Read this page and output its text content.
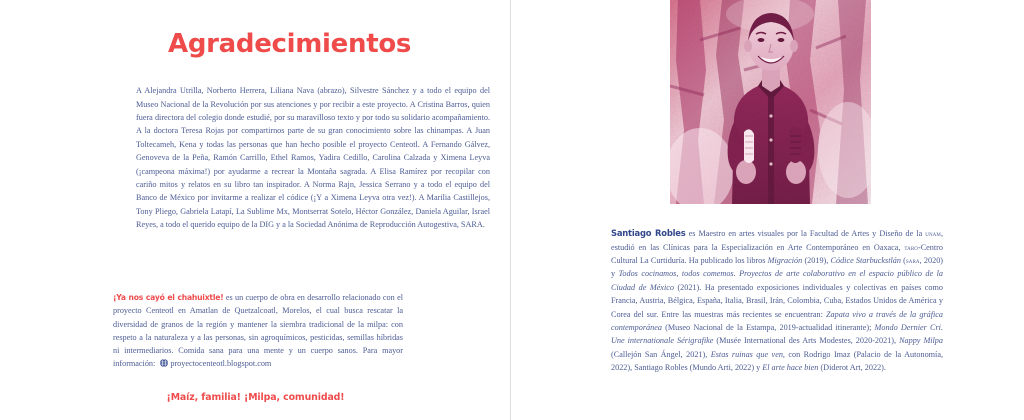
Agradecimientos

A Alejandra Utrilla, Norberto Herrera, Liliana Nava (abrazo), Silvestre Sánchez y a todo el equipo del Museo Nacional de la Revolución por sus atenciones y por recibir a este proyecto. A Cristina Barros, quien fuera directora del colegio donde estudié, por su maravilloso texto y por todo su solidario acompañamiento. A la doctora Teresa Rojas por compartirnos parte de su gran conocimiento sobre las chinampas. A Juan Toltecameh, Kena y todas las personas que han hecho posible el proyecto Centeotl. A Fernando Gálvez, Genoveva de la Peña, Ramón Carrillo, Ethel Ramos, Yadira Cedillo, Carolina Calzada y Ximena Leyva (¡campeona máxima!) por ayudarme a recrear la Montaña sagrada. A Elisa Ramírez por recopilar con cariño mitos y relatos en su libro tan inspirador. A Norma Rajn, Jessica Serrano y a todo el equipo del Banco de México por invitarme a realizar el códice (¡Y a Ximena Leyva otra vez!). A Marilia Castillejos, Tony Pliego, Gabriela Latapí, La Sublime Mx, Montserrat Sotelo, Héctor González, Daniela Aguilar, Israel Reyes, a todo el querido equipo de la DIG y a la Sociedad Anónima de Reproducción Autogestiva, SARA.

¡Ya nos cayó el chahuixtle! es un cuerpo de obra en desarrollo relacionado con el proyecto Centeotl en Amatlan de Quetzalcoatl, Morelos, el cual busca rescatar la diversidad de granos de la región y mantener la siembra tradicional de la milpa: con respeto a la naturaleza y a las personas, sin agroquímicos, pesticidas, semillas híbridas ni intermediarios. Comida sana para una mente y un cuerpo sanos. Para mayor información: proyectocenteotl.blogspot.com

¡Maíz, familia! ¡Milpa, comunidad!

Santiago Robles es Maestro en artes visuales por la Facultad de Artes y Diseño de la unam, estudió en las Clínicas para la Especialización en Arte Contemporáneo en Oaxaca, taro-Centro Cultural La Curtiduría. Ha publicado los libros Migración (2019), Códice Starbuckstlán (sara, 2020) y Todos cocinamos, todos comemos. Proyectos de arte colaborativo en el espacio público de la Ciudad de México (2021). Ha presentado exposiciones individuales y colectivas en países como Francia, Austria, Bélgica, España, Italia, Brasil, Irán, Colombia, Cuba, Estados Unidos de América y Corea del sur. Entre las muestras más recientes se encuentran: Zapata vivo a través de la gráfica contemporánea (Museo Nacional de la Estampa, 2019-actualidad itinerante); Mondo Dernier Cri. Une internationale Sérigrafike (Musée International des Arts Modestes, 2020-2021), Nappy Milpa (Callejón San Ángel, 2021), Estas ruinas que ven, con Rodrigo Imaz (Palacio de la Autonomía, 2022), Santiago Robles (Mundo Arti, 2022) y El arte hace bien (Diderot Art, 2022).
